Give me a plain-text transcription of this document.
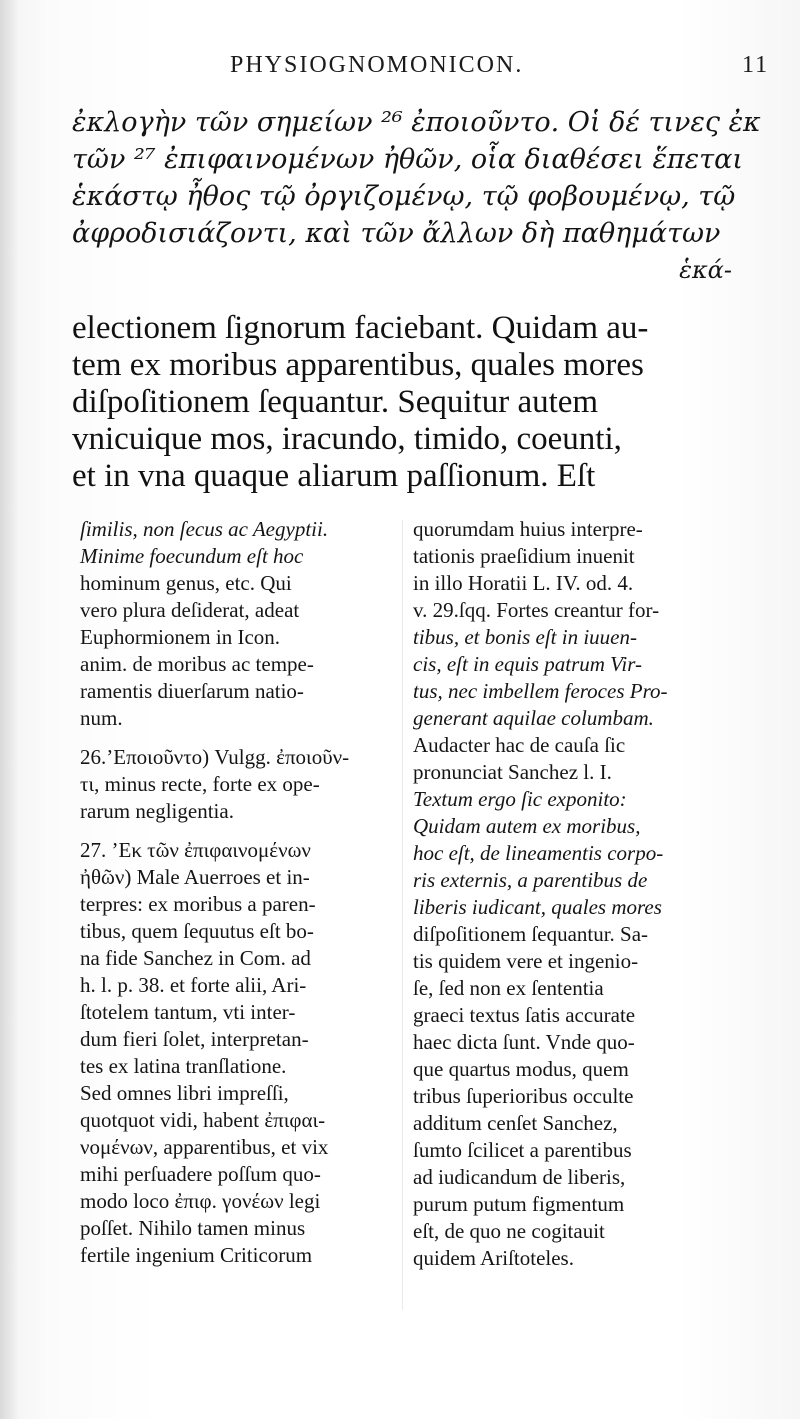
PHYSIOGNOMONICON.	11
ἐκλογὴν τῶν σημείων ²⁶ ἐποιοῦντο. Οἱ δέ τινες ἐκ
τῶν ²⁷ ἐπιφαινομένων ἠθῶν, οἷα διαθέσει ἕπεται
ἑκάστῳ ἦθος τῷ ὀργιζομένῳ, τῷ φοβουμένῳ, τῷ
ἀφροδισιάζοντι, καὶ τῶν ἄλλων δὴ παθημάτων
ἑκά-
electionem ſignorum faciebant. Quidam au-
tem ex moribus apparentibus, quales mores
diſpoſitionem ſequantur. Sequitur autem
vnicuique mos, iracundo, timido, coeunti,
et in vna quaque aliarum paſſionum. Eſt
ſimilis, non ſecus ac Aegyptii.
Minime foecundum eſt hoc
hominum genus, etc. Qui
vero plura deſiderat, adeat
Euphormionem in Icon.
anim. de moribus ac tempe-
ramentis diuerſarum natio-
num.
26.ʼΕποιοῦντο) Vulgg. ἐποιοῦν-
τι, minus recte, forte ex ope-
rarum negligentia.
27. ʼΕκ τῶν ἐπιφαινομένων
ἠθῶν) Male Auerroes et in-
terpres: ex moribus a paren-
tibus, quem ſequutus eſt bo-
na fide Sanchez in Com. ad
h. l. p. 38. et forte alii, Ari-
ſtotelem tantum, vti inter-
dum fieri ſolet, interpretan-
tes ex latina tranſlatione.
Sed omnes libri impreſſi,
quotquot vidi, habent ἐπιφαι-
νομένων, apparentibus, et vix
mihi perſuadere poſſum quo-
modo loco ἐπιφ. γονέων legi
poſſet. Nihilo tamen minus
fertile ingenium Criticorum
quorumdam huius interpre-
tationis praeſidium inuenit
in illo Horatii L. IV. od. 4.
v. 29.ſqq. Fortes creantur for-
tibus, et bonis eſt in iuuen-
cis, eſt in equis patrum Vir-
tus, nec imbellem feroces Pro-
generant aquilae columbam.
Audacter hac de cauſa ſic
pronunciat Sanchez l. I.
Textum ergo ſic exponito:
Quidam autem ex moribus,
hoc eſt, de lineamentis corpo-
ris externis, a parentibus de
liberis iudicant, quales mores
diſpoſitionem ſequantur. Sa-
tis quidem vere et ingenio-
ſe, ſed non ex ſententia
graeci textus ſatis accurate
haec dicta ſunt. Vnde quo-
que quartus modus, quem
tribus ſuperioribus occulte
additum cenſet Sanchez,
ſumto ſcilicet a parentibus
ad iudicandum de liberis,
purum putum figmentum
eſt, de quo ne cogitauit
quidem Ariſtoteles.
